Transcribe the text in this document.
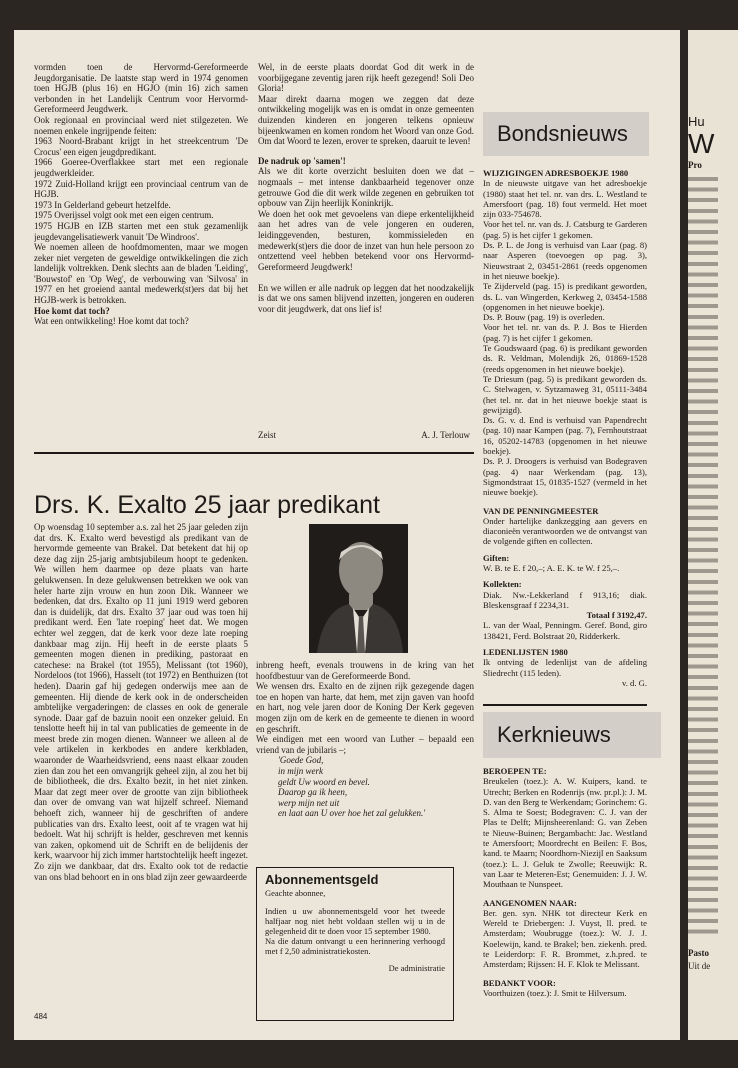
Hu
W
Pro
Pasto
Uit de

vormden toen de Hervormd-Gereformeerde Jeugdorganisatie. De laatste stap werd in 1974 genomen toen HGJB (plus 16) en HGJO (min 16) zich samen verbonden in het Landelijk Centrum voor Hervormd-Gereformeerd Jeugdwerk.
Ook regionaal en provinciaal werd niet stilgezeten. We noemen enkele ingrijpende feiten:
1963 Noord-Brabant krijgt in het streekcentrum 'De Crocus' een eigen jeugdpredikant.
1966 Goeree-Overflakkee start met een regionale jeugdwerkleider.
1972 Zuid-Holland krijgt een provinciaal centrum van de HGJB.
1973 In Gelderland gebeurt hetzelfde.
1975 Overijssel volgt ook met een eigen centrum.
1975 HGJB en IZB starten met een stuk gezamenlijk jeugdevangelisatiewerk vanuit 'De Windroos'.
We noemen alleen de hoofdmomenten, maar we mogen zeker niet vergeten de geweldige ontwikkelingen die zich landelijk voltrekken. Denk slechts aan de bladen 'Leiding', 'Bouwstof' en 'Op Weg', de verbouwing van 'Silvosa' in 1977 en het groeiend aantal medewerk(st)ers dat bij het HGJB-werk is betrokken.

Hoe komt dat toch?

Wat een ontwikkeling! Hoe komt dat toch?

Wel, in de eerste plaats doordat God dit werk in de voorbijgegane zeventig jaren rijk heeft gezegend! Soli Deo Gloria!
Maar direkt daarna mogen we zeggen dat deze ontwikkeling mogelijk was en is omdat in onze gemeenten duizenden kinderen en jongeren telkens opnieuw bijeenkwamen en komen rondom het Woord van onze God. Om dat Woord te lezen, erover te spreken, daaruit te leven!

De nadruk op 'samen'!

Als we dit korte overzicht besluiten doen we dat – nogmaals – met intense dankbaarheid tegenover onze getrouwe God die dit werk wilde zegenen en gebruiken tot opbouw van Zijn heerlijk Koninkrijk.
We doen het ook met gevoelens van diepe erkentelijkheid aan het adres van de vele jongeren en ouderen, leidinggevenden, besturen, kommissieleden en medewerk(st)ers die door de inzet van hun hele persoon zo ontzettend veel hebben betekend voor ons Hervormd-Gereformeerd Jeugdwerk!

En we willen er alle nadruk op leggen dat het noodzakelijk is dat we ons samen blijvend inzetten, jongeren en ouderen voor dit jeugdwerk, dat ons lief is!

Zeist	A. J. Terlouw
Drs. K. Exalto 25 jaar predikant

Op woensdag 10 september a.s. zal het 25 jaar geleden zijn dat drs. K. Exalto werd bevestigd als predikant van de hervormde gemeente van Brakel. Dat betekent dat hij op deze dag zijn 25-jarig ambtsjubileum hoopt te gedenken. We willen hem daarmee op deze plaats van harte gelukwensen. In deze gelukwensen betrekken we ook van heler harte zijn vrouw en hun zoon Dik. Wanneer we bedenken, dat drs. Exalto op 11 juni 1919 werd geboren dan is duidelijk, dat drs. Exalto 37 jaar oud was toen hij predikant werd. Een 'late roeping' heet dat. We mogen echter wel zeggen, dat de kerk voor deze late roeping dankbaar mag zijn. Hij heeft in de eerste plaats 5 gemeenten mogen dienen in prediking, pastoraat en catechese: na Brakel (tot 1955), Melissant (tot 1960), Nordeloos (tot 1966), Hasselt (tot 1972) en Benthuizen (tot heden). Daarin gaf hij gedegen onderwijs mee aan de gemeenten. Hij diende de kerk ook in de onderscheiden ambtelijke vergaderingen: de classes en ook de generale synode. Daar gaf de bazuin nooit een onzeker geluid. En tenslotte heeft hij in tal van publicaties de gemeente in de meest brede zin mogen dienen. Wanneer we alleen al de vele artikelen in kerkbodes en andere kerkbladen, waaronder de Waarheidsvriend, eens naast elkaar zouden zien dan zou het een omvangrijk geheel zijn, al zou het bij de bibliotheek, die drs. Exalto bezit, in het niet zinken. Maar dat zegt meer over de grootte van zijn bibliotheek dan over de omvang van wat hijzelf schreef. Niemand behoeft zich, wanneer hij de geschriften of andere publicaties van drs. Exalto leest, ooit af te vragen wat hij bedoelt. Wat hij schrijft is helder, geschreven met kennis van zaken, opkomend uit de Schrift en de belijdenis der kerk, waarvoor hij zich immer hartstochtelijk heeft ingezet. Zo zijn we dankbaar, dat drs. Exalto ook tot de redactie van ons blad behoort en in ons blad zijn zeer gewaardeerde

inbreng heeft, evenals trouwens in de kring van het hoofdbestuur van de Gereformeerde Bond.
We wensen drs. Exalto en de zijnen rijk gezegende dagen toe en hopen van harte, dat hem, met zijn gaven van hoofd en hart, nog vele jaren door de Koning Der Kerk gegeven mogen zijn om de kerk en de gemeente te dienen in woord en geschrift.
We eindigen met een woord van Luther – bepaald een vriend van de jubilaris –;

'Goede God,
in mijn werk
geldt Uw woord en bevel.
Daarop ga ik heen,
werp mijn net uit
en laat aan U over hoe het zal gelukken.'
Abonnementsgeld
Geachte abonnee,
Indien u uw abonnementsgeld voor het tweede halfjaar nog niet hebt voldaan stellen wij u in de gelegenheid dit te doen voor 15 september 1980.
Na die datum ontvangt u een herinnering verhoogd met f 2,50 administratiekosten.
De administratie
Bondsnieuws

WIJZIGINGEN ADRESBOEKJE 1980

In de nieuwste uitgave van het adresboekje (1980) staat het tel. nr. van drs. L. Westland te Amersfoort (pag. 18) fout vermeld. Het moet zijn 033-754678.
Voor het tel. nr. van ds. J. Catsburg te Garderen (pag. 5) is het cijfer 1 gekomen.
Ds. P. L. de Jong is verhuisd van Laar (pag. 8) naar Asperen (toevoegen op pag. 3), Nieuwstraat 2, 03451-2861 (reeds opgenomen in het nieuwe boekje).
Te Zijderveld (pag. 15) is predikant geworden, ds. L. van Wingerden, Kerkweg 2, 03454-1588 (opgenomen in het nieuwe boekje).
Ds. P. Bouw (pag. 19) is overleden.
Voor het tel. nr. van ds. P. J. Bos te Hierden (pag. 7) is het cijfer 1 gekomen.
Te Goudswaard (pag. 6) is predikant geworden ds. R. Veldman, Molendijk 26, 01869-1528 (reeds opgenomen in het nieuwe boekje).
Te Driesum (pag. 5) is predikant geworden ds. C. Stelwagen, v. Sytzamaweg 31, 05111-3484 (het tel. nr. dat in het nieuwe boekje staat is gewijzigd).
Ds. G. v. d. End is verhuisd van Papendrecht (pag. 10) naar Kampen (pag. 7), Fernhoutstraat 16, 05202-14783 (opgenomen in het nieuwe boekje).
Ds. P. J. Droogers is verhuisd van Bodegraven (pag. 4) naar Werkendam (pag. 13), Sigmondstraat 15, 01835-1527 (vermeld in het nieuwe boekje).

VAN DE PENNINGMEESTER

Onder hartelijke dankzegging aan gevers en diaconieën verantwoorden we de ontvangst van de volgende giften en collecten.

Giften:

W. B. te E. f 20,–; A. E. K. te W. f 25,–.

Kollekten:

Diak. Nw.-Lekkerland f 913,16; diak. Bleskensgraaf f 2234,31.

Totaal f 3192,47.

L. van der Waal, Penningm. Geref. Bond, giro 138421, Ferd. Bolstraat 20, Ridderkerk.

LEDENLIJSTEN 1980

Ik ontving de ledenlijst van de afdeling Sliedrecht (115 leden).

v. d. G.

Kerknieuws

BEROEPEN TE:

Breukelen (toez.): A. W. Kuipers, kand. te Utrecht; Berken en Rodenrijs (nw. pr.pl.): J. M. D. van den Berg te Werkendam; Gorinchem: G. S. Alma te Soest; Bodegraven: C. J. van der Plas te Delft; Mijnsheerenland: G. van Zeben te Nieuw-Buinen; Bergambacht: Jac. Westland te Amersfoort; Moordrecht en Beilen: F. Bos, kand. te Maarn; Noordhorn-Niezijl en Saaksum (toez.): L. J. Geluk te Zwolle; Reeuwijk: R. van Laar te Meteren-Est; Genemuiden: J. J. W. Mouthaan te Nunspeet.

AANGENOMEN NAAR:

Ber. gen. syn. NHK tot directeur Kerk en Wereld te Driebergen: J. Vuyst, ll. pred. te Amsterdam; Woubrugge (toez.): W. J. J. Koelewijn, kand. te Brakel; ben. ziekenh. pred. te Leiderdorp: F. R. Brommet, z.h.pred. te Amsterdam; Rijssen: H. F. Klok te Melissant.

BEDANKT VOOR:

Voorthuizen (toez.): J. Smit te Hilversum.

484
